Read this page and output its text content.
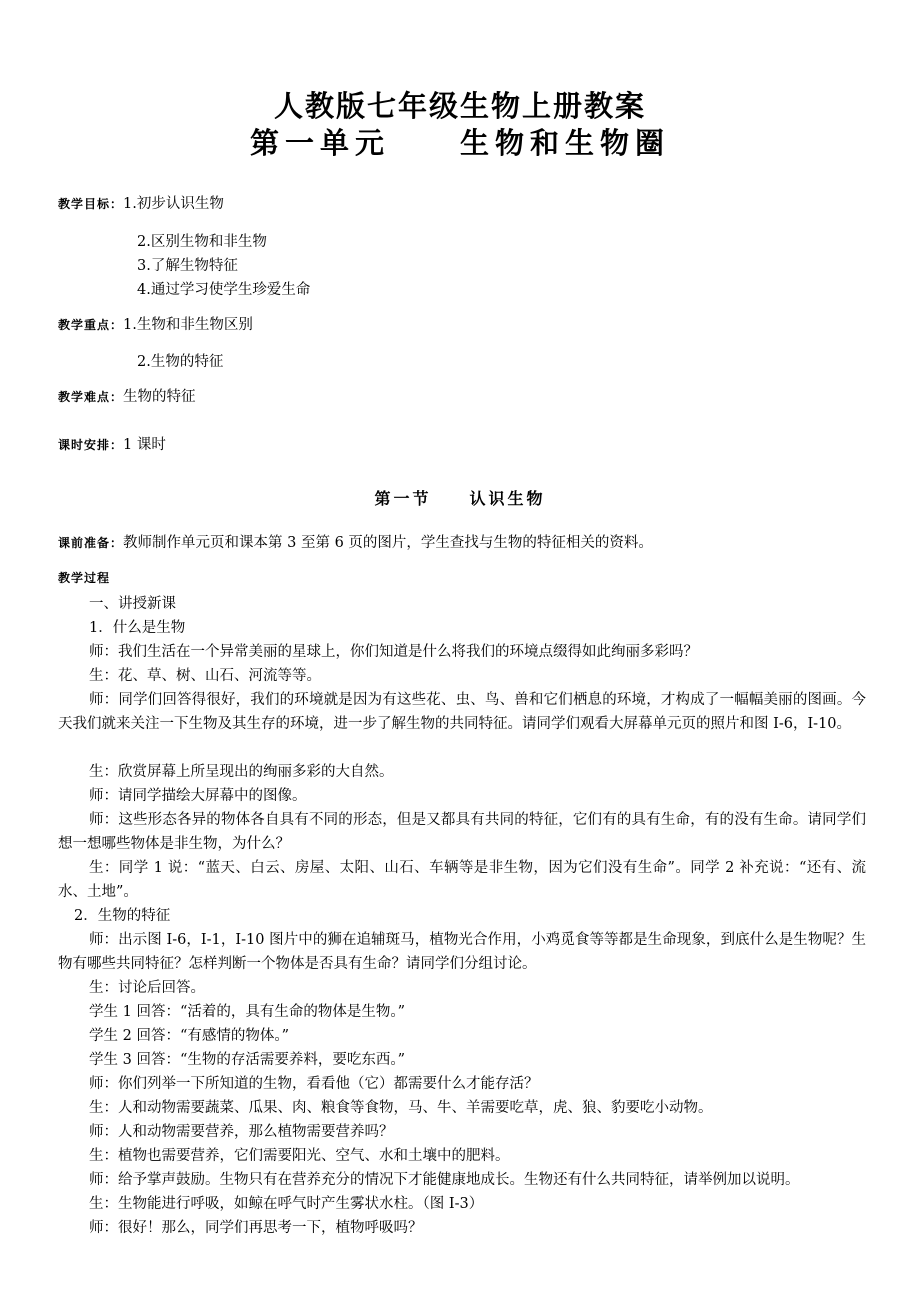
人教版七年级生物上册教案
第一单元　　生物和生物圈
教学目标：1.初步认识生物
2.区别生物和非生物
3.了解生物特征
4.通过学习使学生珍爱生命
教学重点：1.生物和非生物区别
2.生物的特征
教学难点：生物的特征
课时安排：1 课时
第一节　　认识生物
课前准备：教师制作单元页和课本第 3 至第 6 页的图片，学生查找与生物的特征相关的资料。
教学过程
一、讲授新课
1．什么是生物
师：我们生活在一个异常美丽的星球上，你们知道是什么将我们的环境点缀得如此绚丽多彩吗？
生：花、草、树、山石、河流等等。
师：同学们回答得很好，我们的环境就是因为有这些花、虫、鸟、兽和它们栖息的环境，才构成了一幅幅美丽的图画。今天我们就来关注一下生物及其生存的环境，进一步了解生物的共同特征。请同学们观看大屏幕单元页的照片和图 I-6，I-10。
生：欣赏屏幕上所呈现出的绚丽多彩的大自然。
师：请同学描绘大屏幕中的图像。
师：这些形态各异的物体各自具有不同的形态，但是又都具有共同的特征，它们有的具有生命，有的没有生命。请同学们想一想哪些物体是非生物，为什么？
生：同学 1 说：“蓝天、白云、房屋、太阳、山石、车辆等是非生物，因为它们没有生命”。同学 2 补充说：“还有、流水、土地”。
2．生物的特征
师：出示图 I-6，I-1，I-10 图片中的狮在追辅斑马，植物光合作用，小鸡觅食等等都是生命现象，到底什么是生物呢？生物有哪些共同特征？怎样判断一个物体是否具有生命？请同学们分组讨论。
生：讨论后回答。
学生 1 回答：“活着的，具有生命的物体是生物。”
学生 2 回答：“有感情的物体。”
学生 3 回答：“生物的存活需要养料，要吃东西。”
师：你们列举一下所知道的生物，看看他（它）都需要什么才能存活？
生：人和动物需要蔬菜、瓜果、肉、粮食等食物，马、牛、羊需要吃草，虎、狼、豹要吃小动物。
师：人和动物需要营养，那么植物需要营养吗？
生：植物也需要营养，它们需要阳光、空气、水和土壤中的肥料。
师：给予掌声鼓励。生物只有在营养充分的情况下才能健康地成长。生物还有什么共同特征，请举例加以说明。
生：生物能进行呼吸，如鲸在呼气时产生雾状水柱。（图 I-3）
师：很好！那么，同学们再思考一下，植物呼吸吗？
